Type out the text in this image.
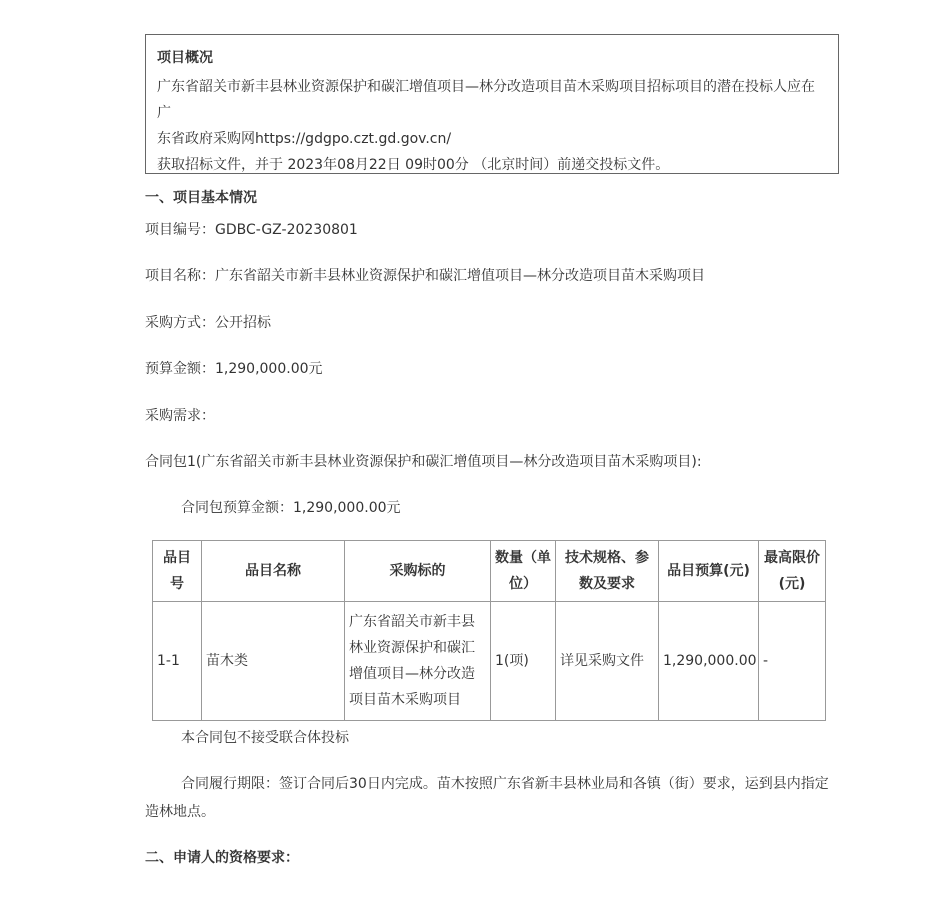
项目概况
广东省韶关市新丰县林业资源保护和碳汇增值项目—林分改造项目苗木采购项目招标项目的潜在投标人应在广
东省政府采购网https://gdgpo.czt.gd.gov.cn/
获取招标文件，并于 2023年08月22日 09时00分 （北京时间）前递交投标文件。
一、项目基本情况
项目编号：GDBC-GZ-20230801
项目名称：广东省韶关市新丰县林业资源保护和碳汇增值项目—林分改造项目苗木采购项目
采购方式：公开招标
预算金额：1,290,000.00元
采购需求：
合同包1(广东省韶关市新丰县林业资源保护和碳汇增值项目—林分改造项目苗木采购项目):
合同包预算金额：1,290,000.00元
品目号	品目名称	采购标的	数量（单位）	技术规格、参数及要求	品目预算(元)	最高限价(元)
1-1	苗木类	广东省韶关市新丰县林业资源保护和碳汇增值项目—林分改造项目苗木采购项目	1(项)	详见采购文件	1,290,000.00	-
本合同包不接受联合体投标
合同履行期限：签订合同后30日内完成。苗木按照广东省新丰县林业局和各镇（街）要求，运到县内指定造林地点。
二、申请人的资格要求：
